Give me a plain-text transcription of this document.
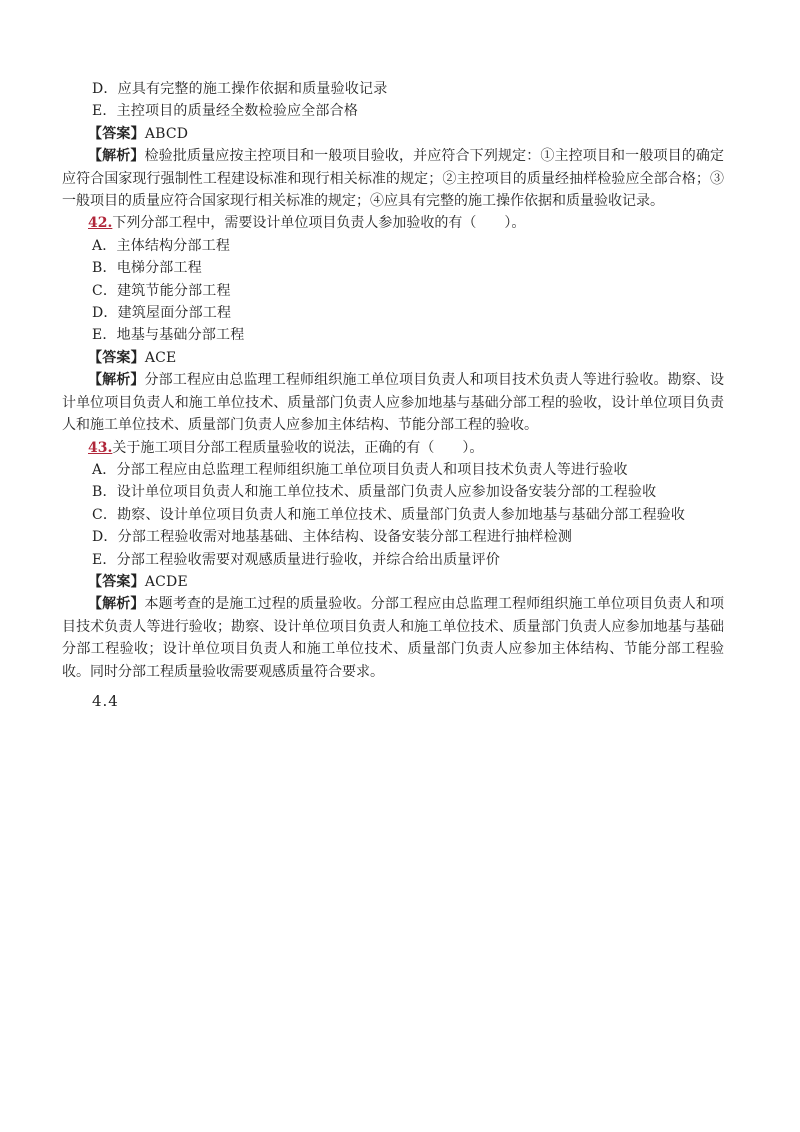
D．应具有完整的施工操作依据和质量验收记录

E．主控项目的质量经全数检验应全部合格

【答案】ABCD

【解析】检验批质量应按主控项目和一般项目验收，并应符合下列规定：①主控项目和一般项目的确定应符合国家现行强制性工程建设标准和现行相关标准的规定；②主控项目的质量经抽样检验应全部合格；③一般项目的质量应符合国家现行相关标准的规定；④应具有完整的施工操作依据和质量验收记录。

42.下列分部工程中，需要设计单位项目负责人参加验收的有（　　）。

A．主体结构分部工程

B．电梯分部工程

C．建筑节能分部工程

D．建筑屋面分部工程

E．地基与基础分部工程

【答案】ACE

【解析】分部工程应由总监理工程师组织施工单位项目负责人和项目技术负责人等进行验收。勘察、设计单位项目负责人和施工单位技术、质量部门负责人应参加地基与基础分部工程的验收，设计单位项目负责人和施工单位技术、质量部门负责人应参加主体结构、节能分部工程的验收。

43.关于施工项目分部工程质量验收的说法，正确的有（　　）。

A．分部工程应由总监理工程师组织施工单位项目负责人和项目技术负责人等进行验收

B．设计单位项目负责人和施工单位技术、质量部门负责人应参加设备安装分部的工程验收

C．勘察、设计单位项目负责人和施工单位技术、质量部门负责人参加地基与基础分部工程验收

D．分部工程验收需对地基基础、主体结构、设备安装分部工程进行抽样检测

E．分部工程验收需要对观感质量进行验收，并综合给出质量评价

【答案】ACDE

【解析】本题考查的是施工过程的质量验收。分部工程应由总监理工程师组织施工单位项目负责人和项目技术负责人等进行验收；勘察、设计单位项目负责人和施工单位技术、质量部门负责人应参加地基与基础分部工程验收；设计单位项目负责人和施工单位技术、质量部门负责人应参加主体结构、节能分部工程验收。同时分部工程质量验收需要观感质量符合要求。

4.4
